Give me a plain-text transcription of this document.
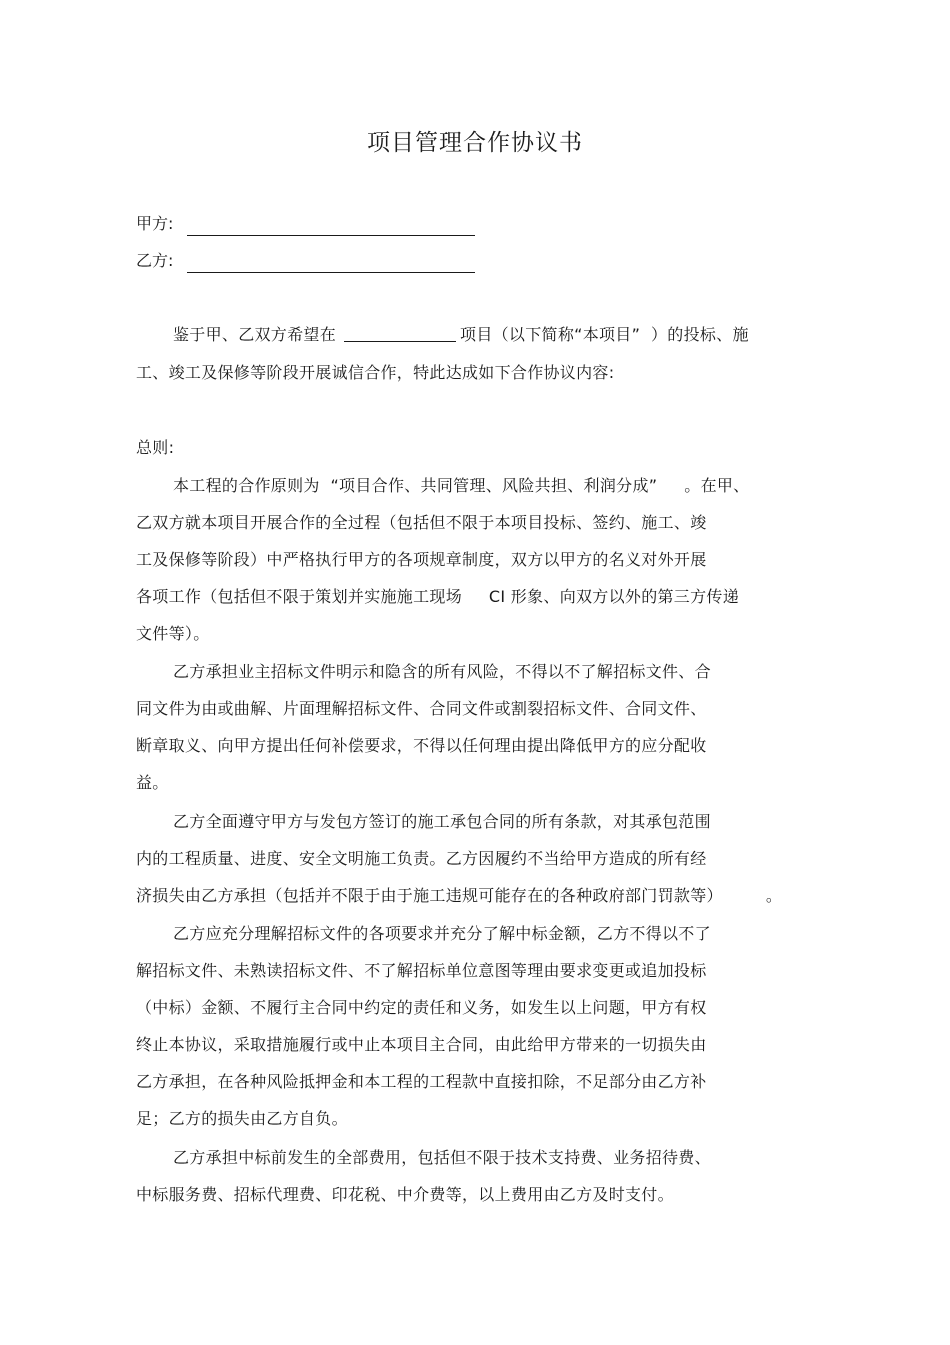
项目管理合作协议书
甲方:
乙方:
鉴于甲、乙双方希望在	项目（以下简称“本项目”  ）的投标、施
工、竣工及保修等阶段开展诚信合作，特此达成如下合作协议内容:
总则:
本工程的合作原则为  “项目合作、共同管理、风险共担、利润分成”     。在甲、
乙双方就本项目开展合作的全过程（包括但不限于本项目投标、签约、施工、竣
工及保修等阶段）中严格执行甲方的各项规章制度，双方以甲方的名义对外开展
各项工作（包括但不限于策划并实施施工现场     CI 形象、向双方以外的第三方传递
文件等）。
乙方承担业主招标文件明示和隐含的所有风险，不得以不了解招标文件、合
同文件为由或曲解、片面理解招标文件、合同文件或割裂招标文件、合同文件、
断章取义、向甲方提出任何补偿要求，不得以任何理由提出降低甲方的应分配收
益。
乙方全面遵守甲方与发包方签订的施工承包合同的所有条款，对其承包范围
内的工程质量、进度、安全文明施工负责。乙方因履约不当给甲方造成的所有经
济损失由乙方承担（包括并不限于由于施工违规可能存在的各种政府部门罚款等）        。
乙方应充分理解招标文件的各项要求并充分了解中标金额，乙方不得以不了
解招标文件、未熟读招标文件、不了解招标单位意图等理由要求变更或追加投标
（中标）金额、不履行主合同中约定的责任和义务，如发生以上问题，甲方有权
终止本协议，采取措施履行或中止本项目主合同，由此给甲方带来的一切损失由
乙方承担，在各种风险抵押金和本工程的工程款中直接扣除，不足部分由乙方补
足；乙方的损失由乙方自负。
乙方承担中标前发生的全部费用，包括但不限于技术支持费、业务招待费、
中标服务费、招标代理费、印花税、中介费等，以上费用由乙方及时支付。
